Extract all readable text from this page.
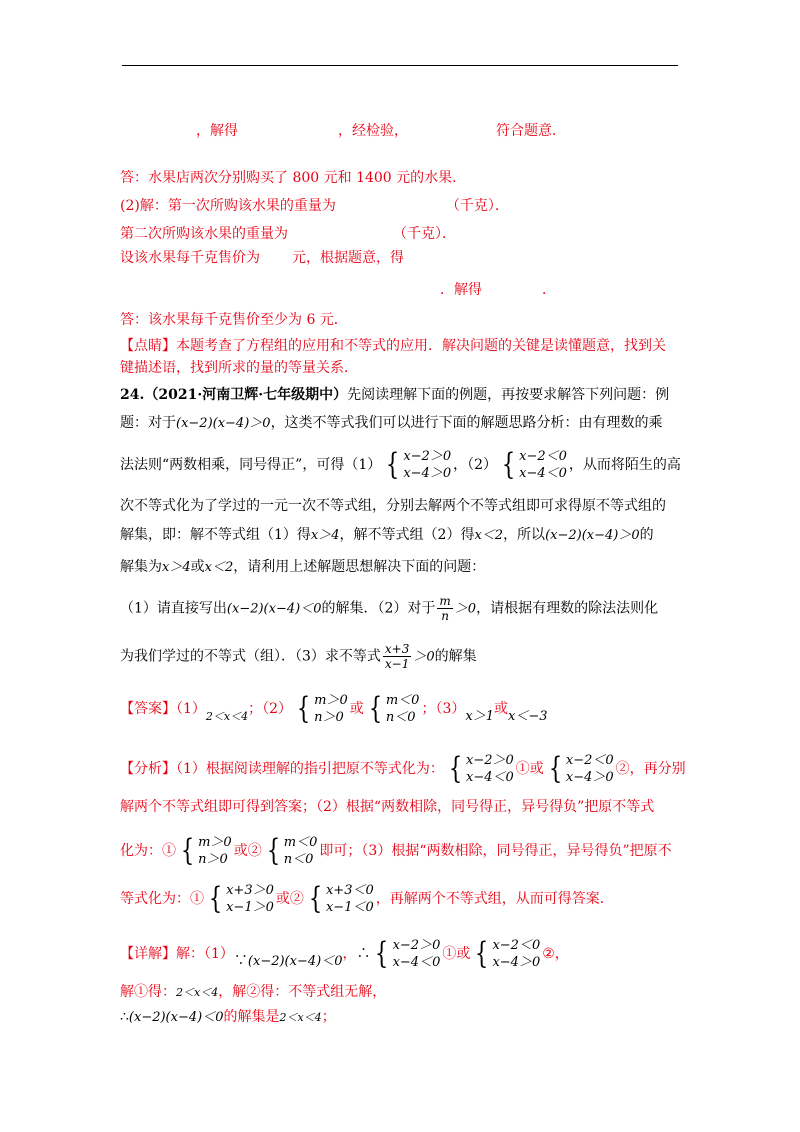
，解得	，经检验，	符合题意．
答：水果店两次分别购买了 800 元和 1400 元的水果．
(2)解：第一次所购该水果的重量为	（千克）．
第二次所购该水果的重量为	（千克）．
设该水果每千克售价为 元，根据题意，得
．解得	．
答：该水果每千克售价至少为 6 元．
【点睛】本题考查了方程组的应用和不等式的应用．解决问题的关键是读懂题意，找到关
键描述语，找到所求的量的等量关系．
24.（2021·河南卫辉·七年级期中）先阅读理解下面的例题，再按要求解答下列问题：例
题：对于(x−2)(x−4)＞0，这类不等式我们可以进行下面的解题思路分析：由有理数的乘
法法则“两数相乘，同号得正”，可得（1） { x−2＞0
x−4＞0
，（2） { x−2＜0
x−4＜0
，从而将陌生的高
次不等式化为了学过的一元一次不等式组，分别去解两个不等式组即可求得原不等式组的
解集，即：解不等式组（1）得x＞4，解不等式组（2）得x＜2，所以(x−2)(x−4)＞0的
解集为x＞4或x＜2，请利用上述解题思想解决下面的问题：
（1）请直接写出(x−2)(x−4)＜0的解集．（2）对于 $\frac{m}{n} >0$，请根据有理数的除法法则化
为我们学过的不等式（组）．（3）求不等式 $\frac{x+3}{x-1} >0$的解集
【答案】$(1)_{2<x<4}$；（2） { m＞0
n＞0
或 { m＜0
n＜0
；（3）x＞1或x＜−3
【分析】（1）根据阅读理解的指引把原不等式化为： { x−2＞0
x−4＜0
①或 { x−2＜0
x−4＞0
②，再分别
解两个不等式组即可得到答案；（2）根据“两数相除，同号得正，异号得负”把原不等式
化为：① { m＞0
n＞0
或② { m＜0
n＜0
即可；（3）根据“两数相除，同号得正，异号得负”把原不
等式化为：① { x+3＞0
x−1＞0
或② { x+3＜0
x−1＜0
，再解两个不等式组，从而可得答案．
【详解】解：（1）∵(x−2)(x−4)＜0，∴ { x−2＞0
x−4＜0
①或 { x−2＜0
x−4＞0
②，
解①得：2＜x＜4，解②得：不等式组无解，
∴(x−2)(x−4)＜0的解集是2＜x＜4；
